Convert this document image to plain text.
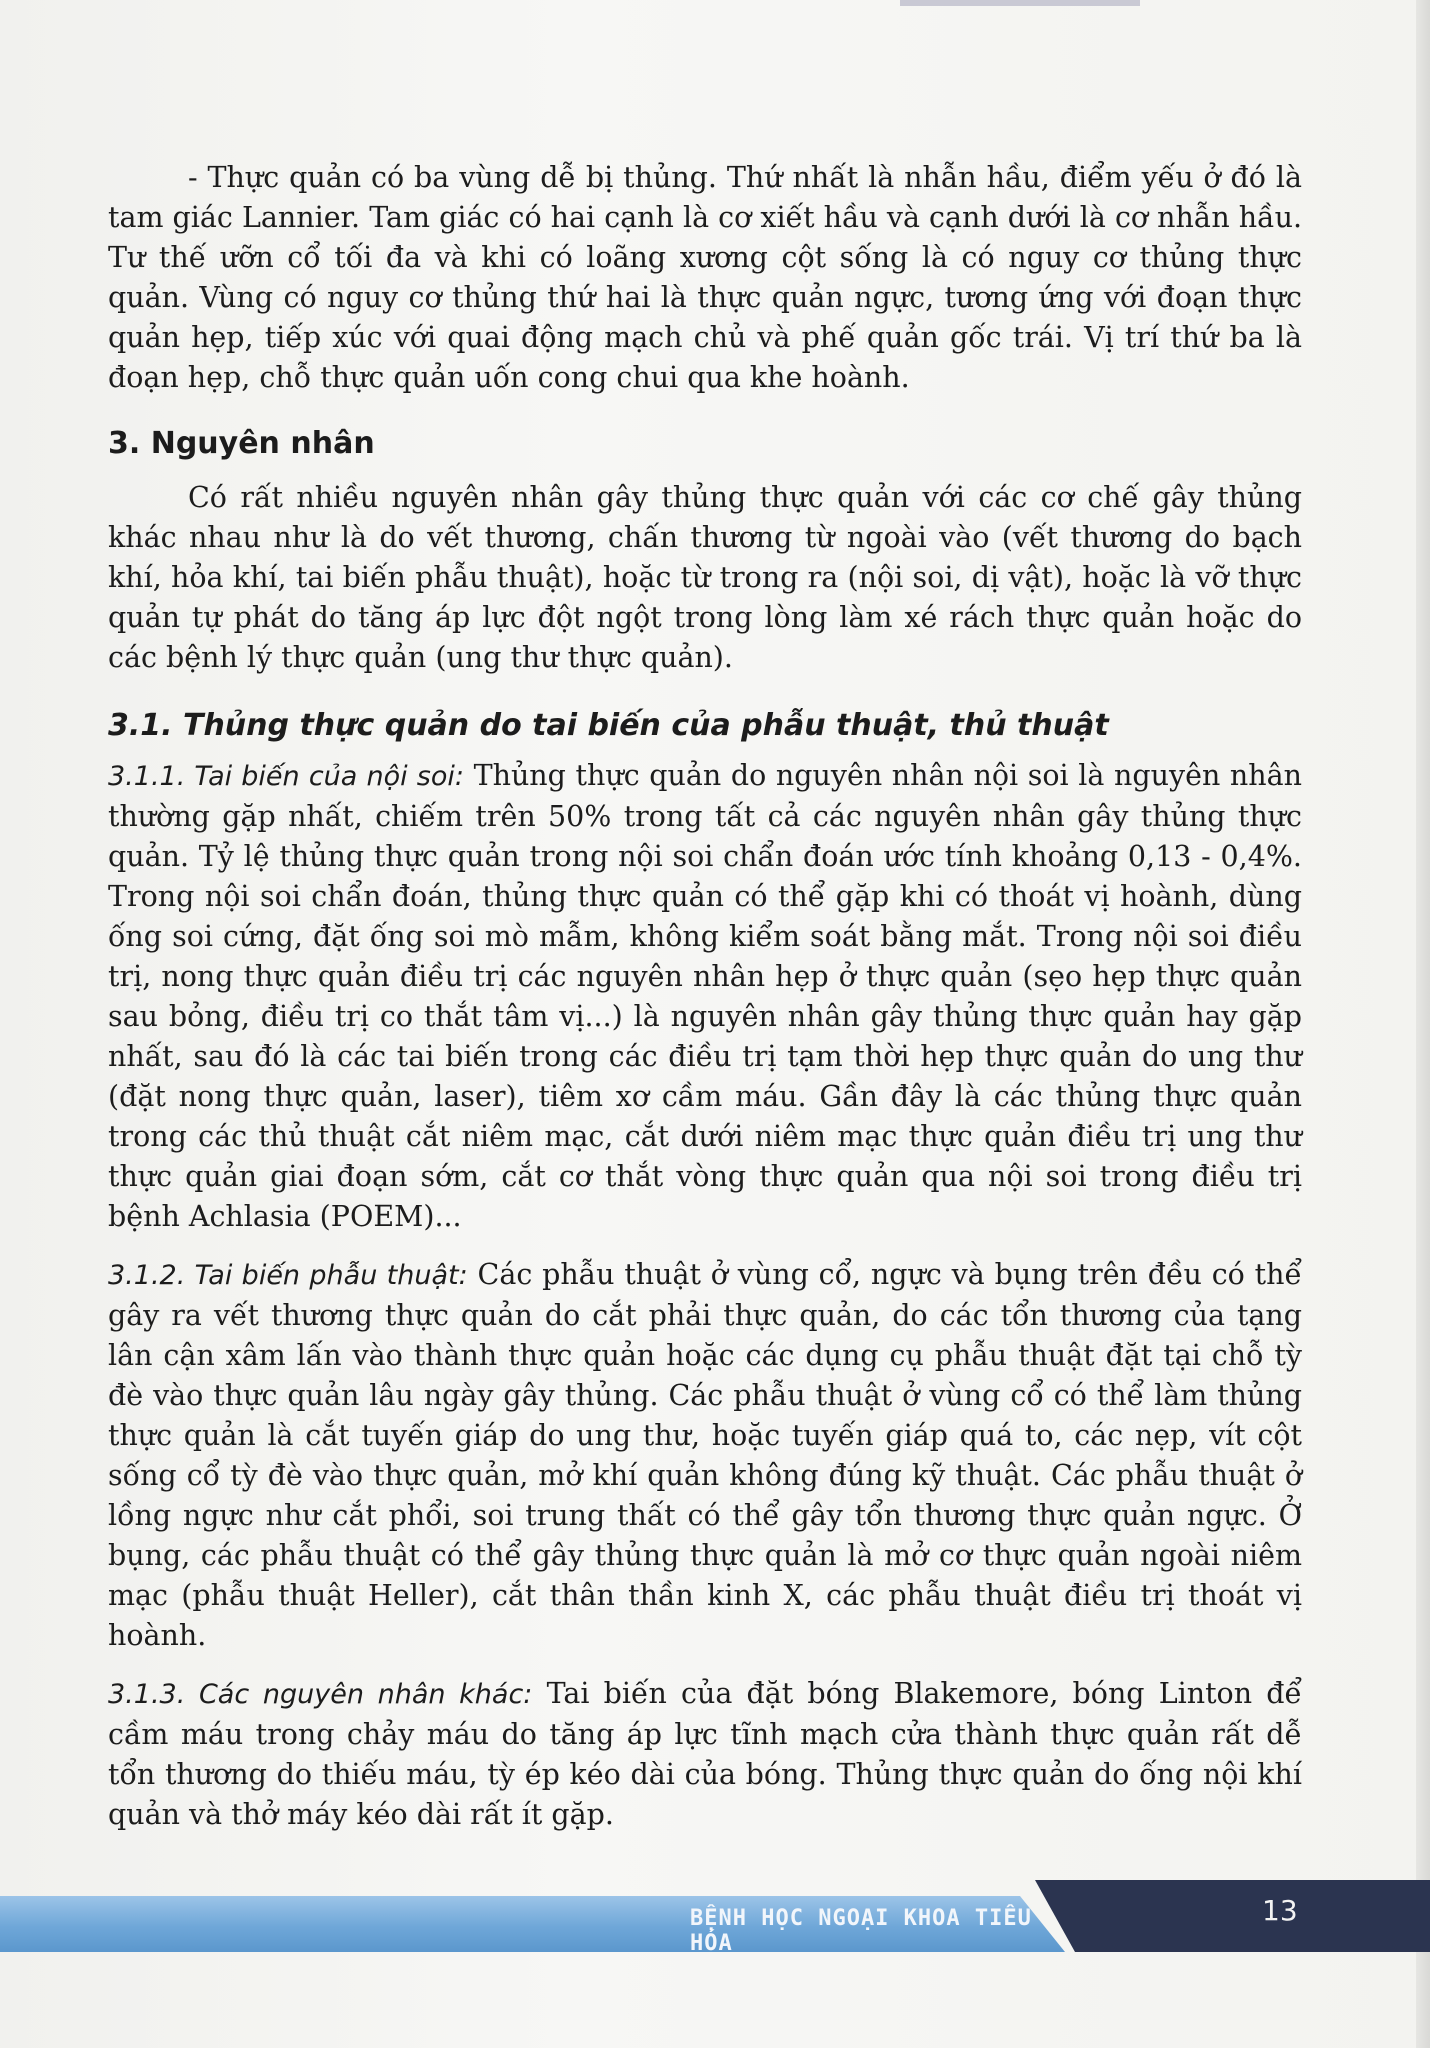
- Thực quản có ba vùng dễ bị thủng. Thứ nhất là nhẫn hầu, điểm yếu ở đó là tam giác Lannier. Tam giác có hai cạnh là cơ xiết hầu và cạnh dưới là cơ nhẫn hầu. Tư thế ưỡn cổ tối đa và khi có loãng xương cột sống là có nguy cơ thủng thực quản. Vùng có nguy cơ thủng thứ hai là thực quản ngực, tương ứng với đoạn thực quản hẹp, tiếp xúc với quai động mạch chủ và phế quản gốc trái. Vị trí thứ ba là đoạn hẹp, chỗ thực quản uốn cong chui qua khe hoành.

3. Nguyên nhân

Có rất nhiều nguyên nhân gây thủng thực quản với các cơ chế gây thủng khác nhau như là do vết thương, chấn thương từ ngoài vào (vết thương do bạch khí, hỏa khí, tai biến phẫu thuật), hoặc từ trong ra (nội soi, dị vật), hoặc là vỡ thực quản tự phát do tăng áp lực đột ngột trong lòng làm xé rách thực quản hoặc do các bệnh lý thực quản (ung thư thực quản).

3.1. Thủng thực quản do tai biến của phẫu thuật, thủ thuật

3.1.1. Tai biến của nội soi: Thủng thực quản do nguyên nhân nội soi là nguyên nhân thường gặp nhất, chiếm trên 50% trong tất cả các nguyên nhân gây thủng thực quản. Tỷ lệ thủng thực quản trong nội soi chẩn đoán ước tính khoảng 0,13 - 0,4%. Trong nội soi chẩn đoán, thủng thực quản có thể gặp khi có thoát vị hoành, dùng ống soi cứng, đặt ống soi mò mẫm, không kiểm soát bằng mắt. Trong nội soi điều trị, nong thực quản điều trị các nguyên nhân hẹp ở thực quản (sẹo hẹp thực quản sau bỏng, điều trị co thắt tâm vị...) là nguyên nhân gây thủng thực quản hay gặp nhất, sau đó là các tai biến trong các điều trị tạm thời hẹp thực quản do ung thư (đặt nong thực quản, laser), tiêm xơ cầm máu. Gần đây là các thủng thực quản trong các thủ thuật cắt niêm mạc, cắt dưới niêm mạc thực quản điều trị ung thư thực quản giai đoạn sớm, cắt cơ thắt vòng thực quản qua nội soi trong điều trị bệnh Achlasia (POEM)...

3.1.2. Tai biến phẫu thuật: Các phẫu thuật ở vùng cổ, ngực và bụng trên đều có thể gây ra vết thương thực quản do cắt phải thực quản, do các tổn thương của tạng lân cận xâm lấn vào thành thực quản hoặc các dụng cụ phẫu thuật đặt tại chỗ tỳ đè vào thực quản lâu ngày gây thủng. Các phẫu thuật ở vùng cổ có thể làm thủng thực quản là cắt tuyến giáp do ung thư, hoặc tuyến giáp quá to, các nẹp, vít cột sống cổ tỳ đè vào thực quản, mở khí quản không đúng kỹ thuật. Các phẫu thuật ở lồng ngực như cắt phổi, soi trung thất có thể gây tổn thương thực quản ngực. Ở bụng, các phẫu thuật có thể gây thủng thực quản là mở cơ thực quản ngoài niêm mạc (phẫu thuật Heller), cắt thân thần kinh X, các phẫu thuật điều trị thoát vị hoành.

3.1.3. Các nguyên nhân khác: Tai biến của đặt bóng Blakemore, bóng Linton để cầm máu trong chảy máu do tăng áp lực tĩnh mạch cửa thành thực quản rất dễ tổn thương do thiếu máu, tỳ ép kéo dài của bóng. Thủng thực quản do ống nội khí quản và thở máy kéo dài rất ít gặp.

BỆNH HỌC NGOẠI KHOA TIÊU HÓA
13
